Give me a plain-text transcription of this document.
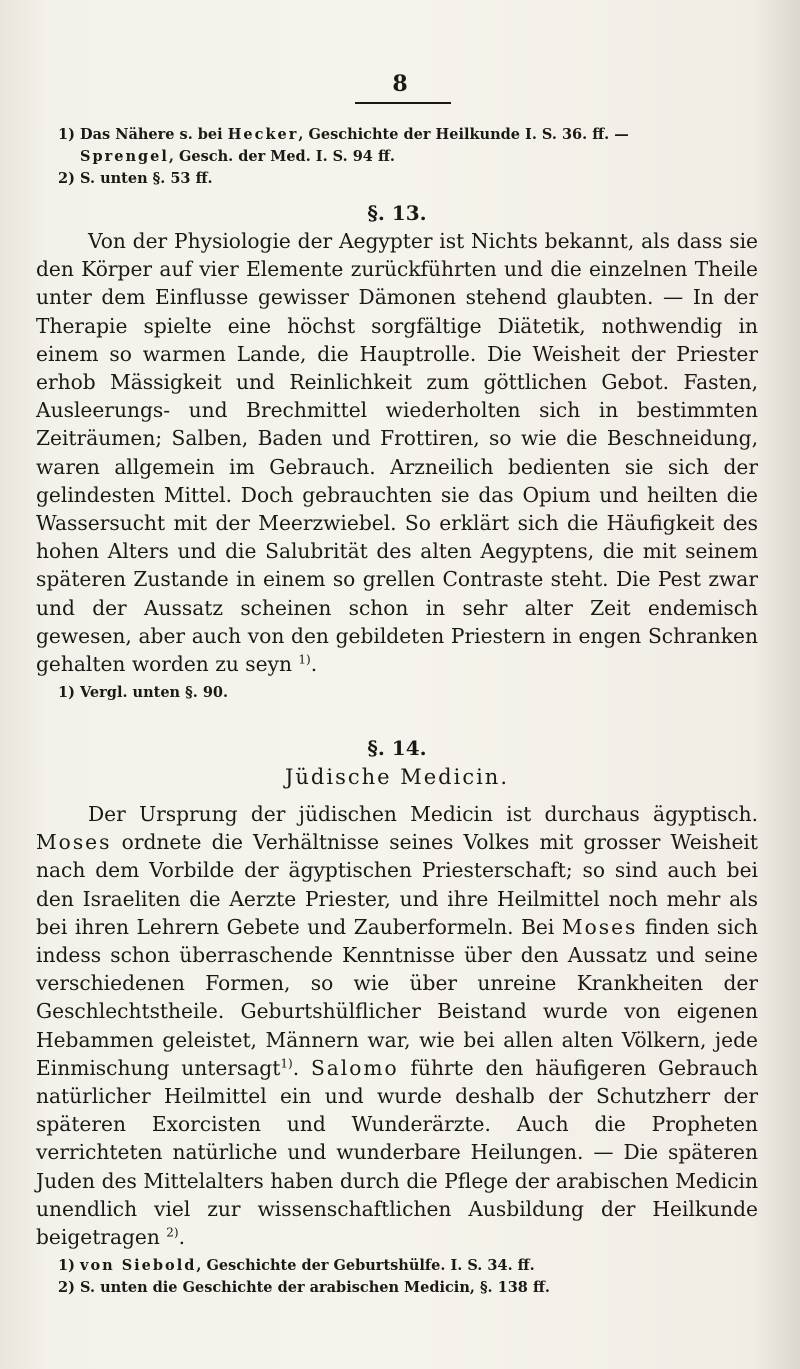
8

1) Das Nähere s. bei Hecker, Geschichte der Heilkunde I. S. 36. ff. —

Sprengel, Gesch. der Med. I. S. 94 ff.

2) S. unten §. 53 ff.

§. 13.

Von der Physiologie der Aegypter ist Nichts bekannt, als dass sie den Körper auf vier Elemente zurückführten und die einzelnen Theile unter dem Einflusse gewisser Dämonen stehend glaubten. — In der Therapie spielte eine höchst sorgfältige Diätetik, nothwendig in einem so warmen Lande, die Hauptrolle. Die Weisheit der Priester erhob Mässigkeit und Reinlichkeit zum göttlichen Gebot. Fasten, Ausleerungs- und Brechmittel wiederholten sich in bestimmten Zeiträumen; Salben, Baden und Frottiren, so wie die Beschneidung, waren allgemein im Gebrauch. Arzneilich bedienten sie sich der gelindesten Mittel. Doch gebrauchten sie das Opium und heilten die Wassersucht mit der Meerzwiebel. So erklärt sich die Häufigkeit des hohen Alters und die Salubrität des alten Aegyptens, die mit seinem späteren Zustande in einem so grellen Contraste steht. Die Pest zwar und der Aussatz scheinen schon in sehr alter Zeit endemisch gewesen, aber auch von den gebildeten Priestern in engen Schranken gehalten worden zu seyn $^{1)}$.

1) Vergl. unten §. 90.

§. 14.

Jüdische Medicin.

Der Ursprung der jüdischen Medicin ist durchaus ägyptisch. Moses ordnete die Verhältnisse seines Volkes mit grosser Weisheit nach dem Vorbilde der ägyptischen Priesterschaft; so sind auch bei den Israeliten die Aerzte Priester, und ihre Heilmittel noch mehr als bei ihren Lehrern Gebete und Zauberformeln. Bei Moses finden sich indess schon überraschende Kenntnisse über den Aussatz und seine verschiedenen Formen, so wie über unreine Krankheiten der Geschlechtstheile. Geburtshülflicher Beistand wurde von eigenen Hebammen geleistet, Männern war, wie bei allen alten Völkern, jede Einmischung untersagt$^{1)}$. Salomo führte den häufigeren Gebrauch natürlicher Heilmittel ein und wurde deshalb der Schutzherr der späteren Exorcisten und Wunderärzte. Auch die Propheten verrichteten natürliche und wunderbare Heilungen. — Die späteren Juden des Mittelalters haben durch die Pflege der arabischen Medicin unendlich viel zur wissenschaftlichen Ausbildung der Heilkunde beigetragen $^{2)}$.

1) von Siebold, Geschichte der Geburtshülfe. I. S. 34. ff.

2) S. unten die Geschichte der arabischen Medicin, §. 138 ff.
